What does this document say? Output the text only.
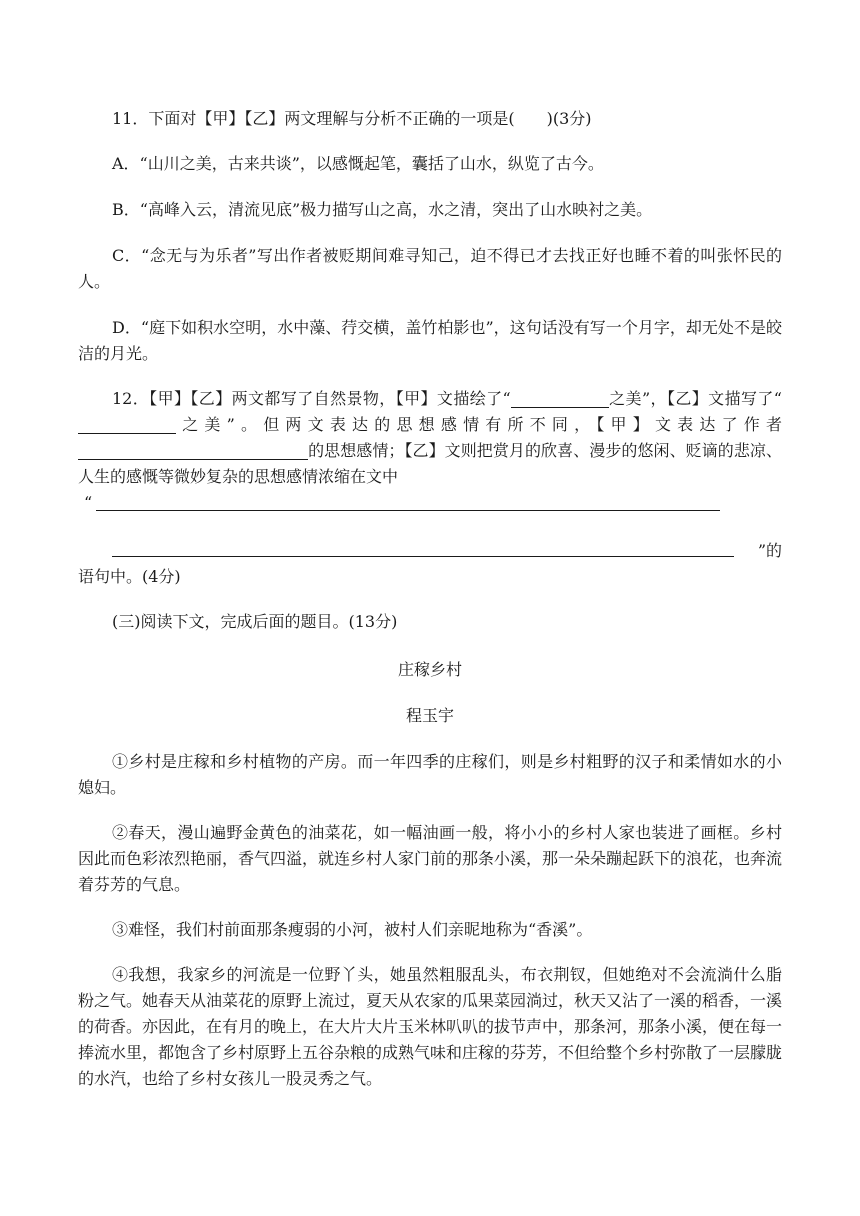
11．下面对【甲】【乙】两文理解与分析不正确的一项是(　　)(3分)

A．“山川之美，古来共谈”，以感慨起笔，囊括了山水，纵览了古今。

B．“高峰入云，清流见底”极力描写山之高，水之清，突出了山水映衬之美。

C．“念无与为乐者”写出作者被贬期间难寻知己，迫不得已才去找正好也睡不着的叫张怀民的人。

D．“庭下如积水空明，水中藻、荇交横，盖竹柏影也”，这句话没有写一个月字，却无处不是皎洁的月光。

12．【甲】【乙】两文都写了自然景物，【甲】文描绘了“	之美”，【乙】文描写了“之美”。但两文表达的思想感情有所不同，【甲】文表达了作者的思想感情；【乙】文则把赏月的欣喜、漫步的悠闲、贬谪的悲凉、人生的感慨等微妙复杂的思想感情浓缩在文中

“
”的

语句中。(4分)

(三)阅读下文，完成后面的题目。(13分)

庄稼乡村

程玉宇

①乡村是庄稼和乡村植物的产房。而一年四季的庄稼们，则是乡村粗野的汉子和柔情如水的小媳妇。

②春天，漫山遍野金黄色的油菜花，如一幅油画一般，将小小的乡村人家也装进了画框。乡村因此而色彩浓烈艳丽，香气四溢，就连乡村人家门前的那条小溪，那一朵朵蹦起跃下的浪花，也奔流着芬芳的气息。

③难怪，我们村前面那条瘦弱的小河，被村人们亲昵地称为“香溪”。

④我想，我家乡的河流是一位野丫头，她虽然粗服乱头，布衣荆钗，但她绝对不会流淌什么脂粉之气。她春天从油菜花的原野上流过，夏天从农家的瓜果菜园淌过，秋天又沾了一溪的稻香，一溪的荷香。亦因此，在有月的晚上，在大片大片玉米林叭叭的拔节声中，那条河，那条小溪，便在每一捧流水里，都饱含了乡村原野上五谷杂粮的成熟气味和庄稼的芬芳，不但给整个乡村弥散了一层朦胧的水汽，也给了乡村女孩儿一股灵秀之气。
